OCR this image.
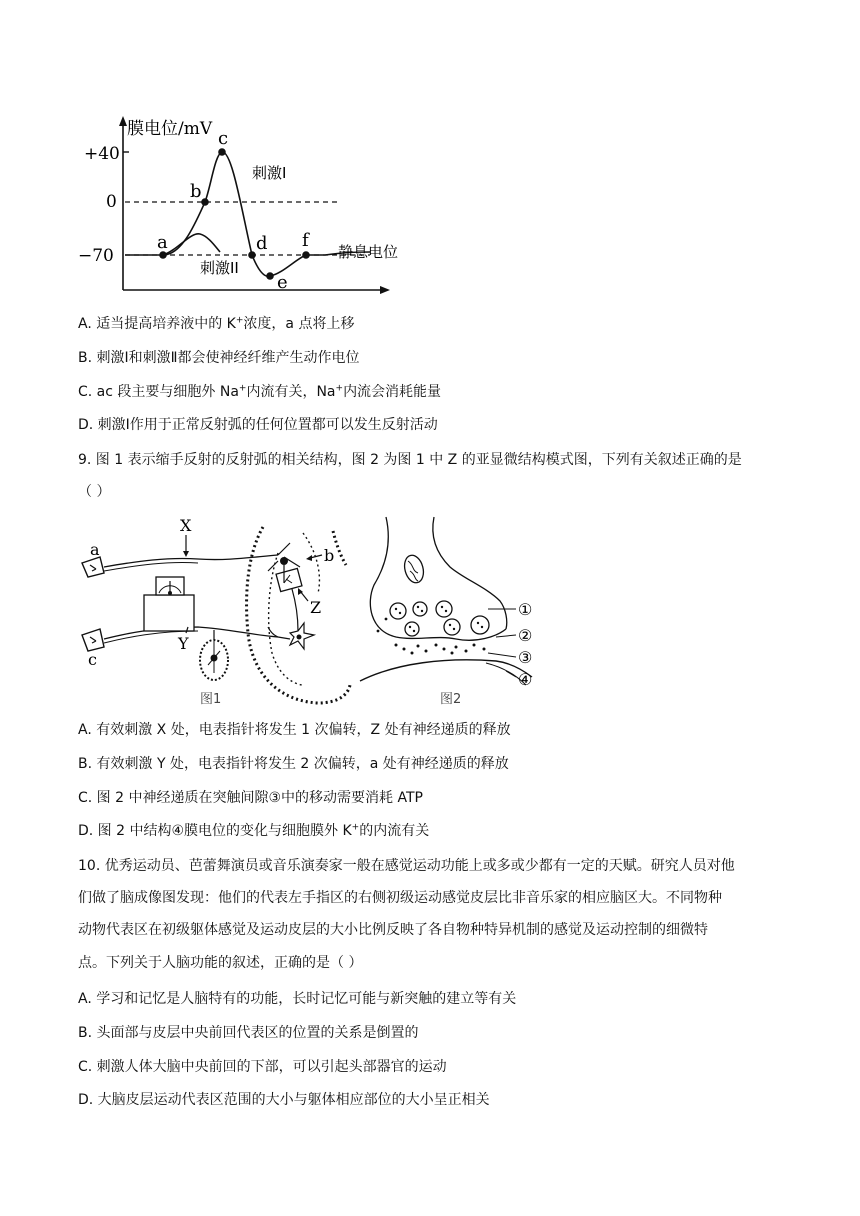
膜电位/mV
+40
0
−70
a
b
c
d
e
f
刺激I
刺激II
静息电位
A. 适当提高培养液中的 K+浓度，a 点将上移
B. 刺激Ⅰ和刺激Ⅱ都会使神经纤维产生动作电位
C. ac 段主要与细胞外 Na+内流有关，Na+内流会消耗能量
D. 刺激Ⅰ作用于正常反射弧的任何位置都可以发生反射活动
9. 图 1 表示缩手反射的反射弧的相关结构，图 2 为图 1 中 Z 的亚显微结构模式图，下列有关叙述正确的是
（ ）
a
X
c
Y
b
Z
图1
①
②
③
④
图2
A. 有效刺激 X 处，电表指针将发生 1 次偏转，Z 处有神经递质的释放
B. 有效刺激 Y 处，电表指针将发生 2 次偏转，a 处有神经递质的释放
C. 图 2 中神经递质在突触间隙③中的移动需要消耗 ATP
D. 图 2 中结构④膜电位的变化与细胞膜外 K+的内流有关
10. 优秀运动员、芭蕾舞演员或音乐演奏家一般在感觉运动功能上或多或少都有一定的天赋。研究人员对他
们做了脑成像图发现：他们的代表左手指区的右侧初级运动感觉皮层比非音乐家的相应脑区大。不同物种
动物代表区在初级躯体感觉及运动皮层的大小比例反映了各自物种特异机制的感觉及运动控制的细微特
点。下列关于人脑功能的叙述，正确的是（ ）
A. 学习和记忆是人脑特有的功能，长时记忆可能与新突触的建立等有关
B. 头面部与皮层中央前回代表区的位置的关系是倒置的
C. 刺激人体大脑中央前回的下部，可以引起头部器官的运动
D. 大脑皮层运动代表区范围的大小与躯体相应部位的大小呈正相关
